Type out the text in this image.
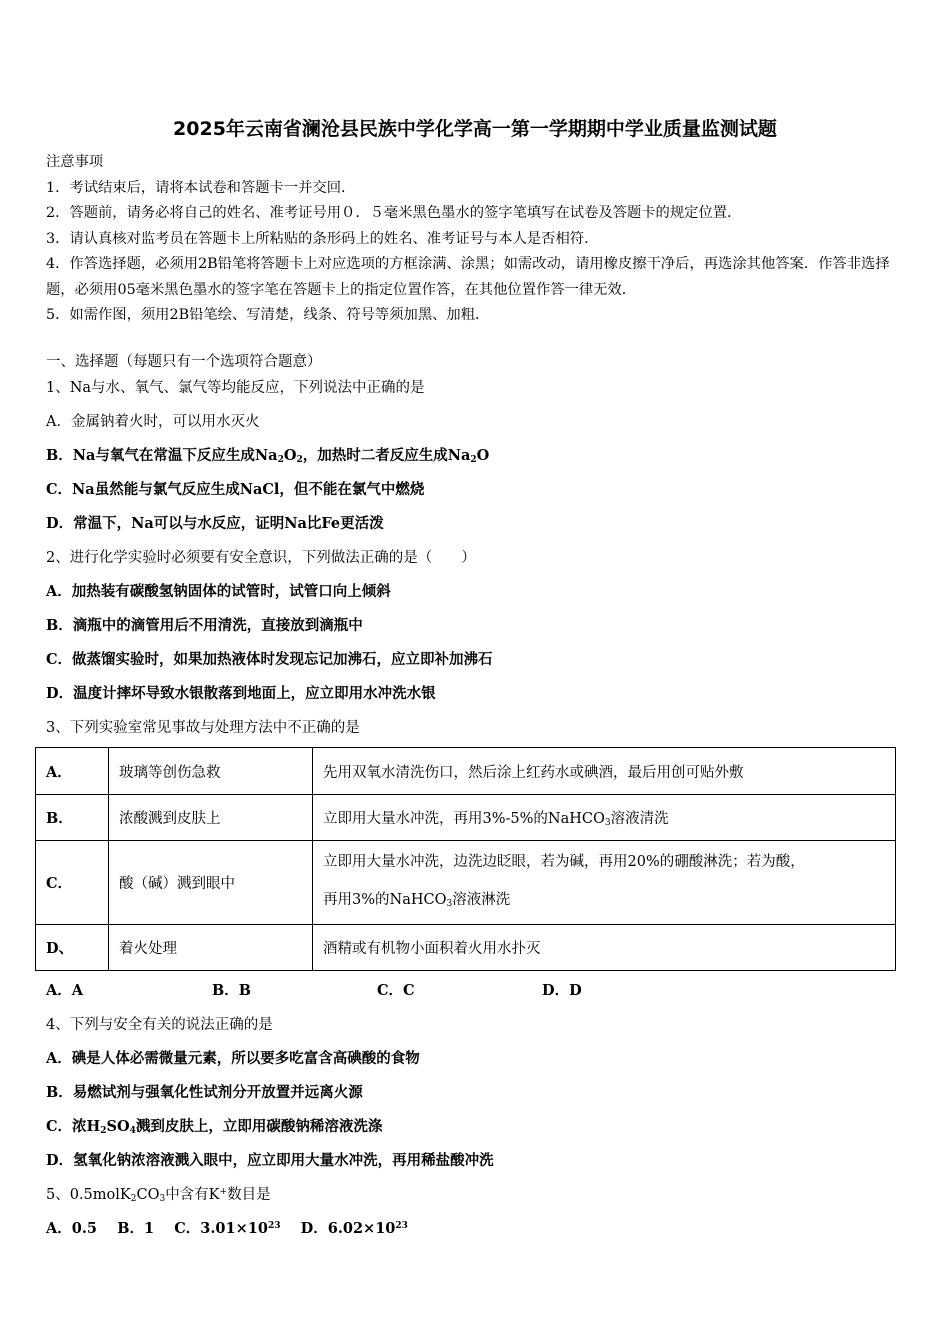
2025年云南省澜沧县民族中学化学高一第一学期期中学业质量监测试题

注意事项

1．考试结束后，请将本试卷和答题卡一并交回．

2．答题前，请务必将自己的姓名、准考证号用０．５毫米黑色墨水的签字笔填写在试卷及答题卡的规定位置．

3．请认真核对监考员在答题卡上所粘贴的条形码上的姓名、准考证号与本人是否相符．

4．作答选择题，必须用2B铅笔将答题卡上对应选项的方框涂满、涂黑；如需改动，请用橡皮擦干净后，再选涂其他答案．作答非选择题，必须用05毫米黑色墨水的签字笔在答题卡上的指定位置作答，在其他位置作答一律无效．

5．如需作图，须用2B铅笔绘、写清楚，线条、符号等须加黑、加粗．

一、选择题（每题只有一个选项符合题意）
1、Na与水、氧气、氯气等均能反应，下列说法中正确的是
A．金属钠着火时，可以用水灭火
B．Na与氧气在常温下反应生成$Na_2O_2$，加热时二者反应生成$Na_2O$
C．Na虽然能与氯气反应生成NaCl，但不能在氯气中燃烧
D．常温下，Na可以与水反应，证明Na比Fe更活泼
2、进行化学实验时必须要有安全意识，下列做法正确的是（　　）
A．加热装有碳酸氢钠固体的试管时，试管口向上倾斜
B．滴瓶中的滴管用后不用清洗，直接放到滴瓶中
C．做蒸馏实验时，如果加热液体时发现忘记加沸石，应立即补加沸石
D．温度计摔坏导致水银散落到地面上，应立即用水冲洗水银
3、下列实验室常见事故与处理方法中不正确的是
A．	玻璃等创伤急救	先用双氧水清洗伤口，然后涂上红药水或碘酒，最后用创可贴外敷
B．	浓酸溅到皮肤上	立即用大量水冲洗，再用3%-5%的NaHCO$_3$溶液清洗
C．	酸（碱）溅到眼中	立即用大量水冲洗，边洗边眨眼，若为碱，再用20%的硼酸淋洗；若为酸，
再用3%的NaHCO$_3$溶液淋洗

D、	着火处理	酒精或有机物小面积着火用水扑灭
A．A	B．B	C．C	D．D
4、下列与安全有关的说法正确的是
A．碘是人体必需微量元素，所以要多吃富含高碘酸的食物
B．易燃试剂与强氧化性试剂分开放置并远离火源
C．浓$H_2SO_4$溅到皮肤上，立即用碳酸钠稀溶液洗涤
D．氢氧化钠浓溶液溅入眼中，应立即用大量水冲洗，再用稀盐酸冲洗
5、$0.5molK_2CO_3$中含有K+数目是
A．0.5 B．1 C．$3.01\times 10^{23}$ D．$6.02\times 10^{23}$
